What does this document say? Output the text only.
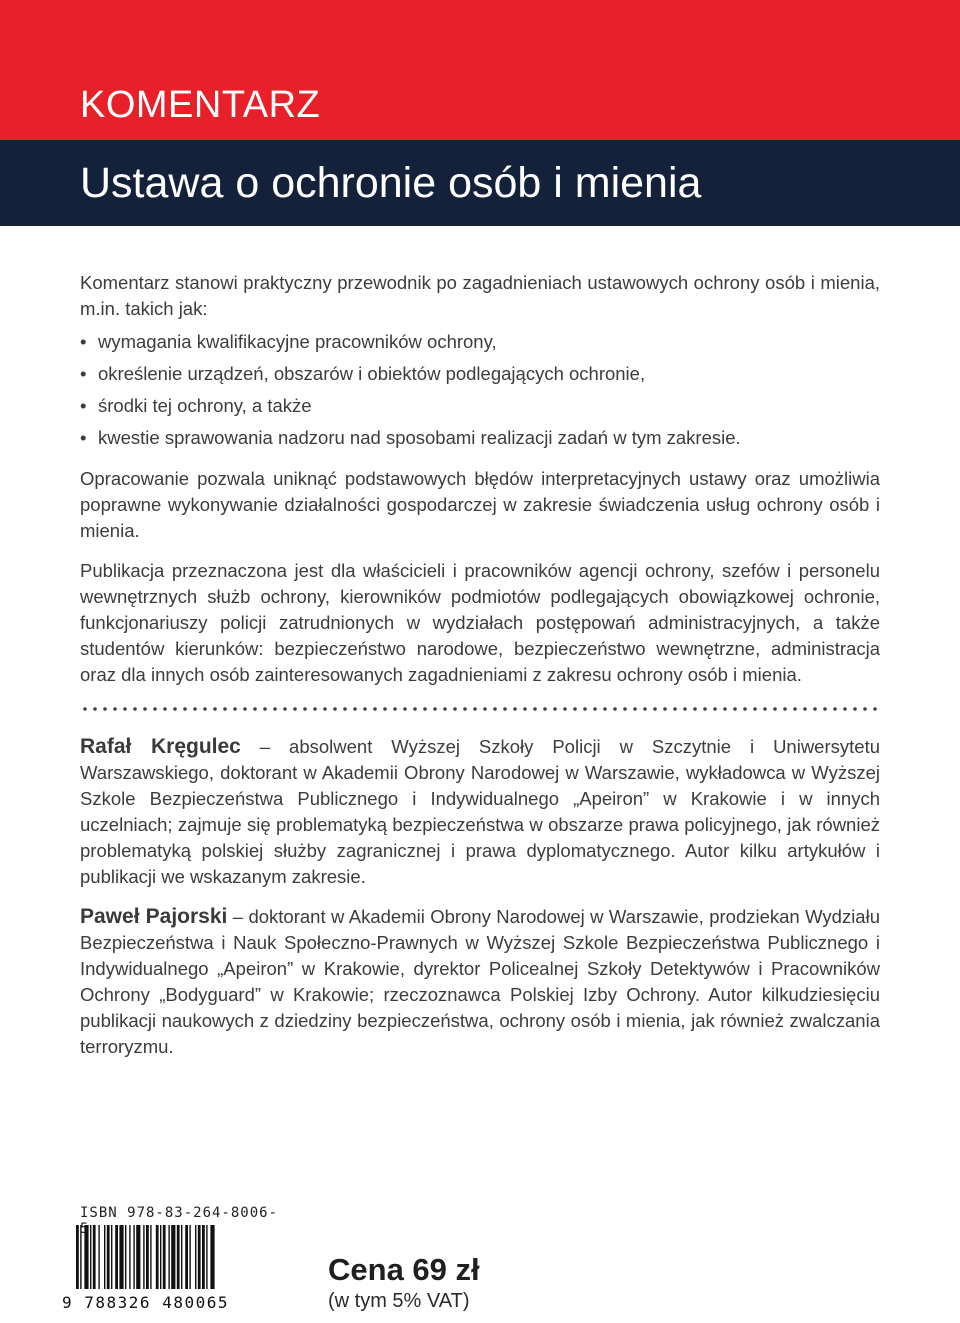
KOMENTARZ
Ustawa o ochronie osób i mienia

Komentarz stanowi praktyczny przewodnik po zagadnieniach ustawowych ochrony osób i mienia, m.in. takich jak:

• wymagania kwalifikacyjne pracowników ochrony,
• określenie urządzeń, obszarów i obiektów podlegających ochronie,
• środki tej ochrony, a także
• kwestie sprawowania nadzoru nad sposobami realizacji zadań w tym zakresie.

Opracowanie pozwala uniknąć podstawowych błędów interpretacyjnych ustawy oraz umożliwia poprawne wykonywanie działalności gospodarczej w zakresie świadczenia usług ochrony osób i mienia.

Publikacja przeznaczona jest dla właścicieli i pracowników agencji ochrony, szefów i personelu wewnętrznych służb ochrony, kierowników podmiotów podlegających obowiązkowej ochronie, funkcjonariuszy policji zatrudnionych w wydziałach postępowań administracyjnych, a także studentów kierunków: bezpieczeństwo narodowe, bezpieczeństwo wewnętrzne, administracja oraz dla innych osób zainteresowanych zagadnieniami z zakresu ochrony osób i mienia.

Rafał Kręgulec – absolwent Wyższej Szkoły Policji w Szczytnie i Uniwersytetu Warszawskiego, doktorant w Akademii Obrony Narodowej w Warszawie, wykładowca w Wyższej Szkole Bezpieczeństwa Publicznego i Indywidualnego „Apeiron” w Krakowie i w innych uczelniach; zajmuje się problematyką bezpieczeństwa w obszarze prawa policyjnego, jak również problematyką polskiej służby zagranicznej i prawa dyplomatycznego. Autor kilku artykułów i publikacji we wskazanym zakresie.

Paweł Pajorski – doktorant w Akademii Obrony Narodowej w Warszawie, prodziekan Wydziału Bezpieczeństwa i Nauk Społeczno-Prawnych w Wyższej Szkole Bezpieczeństwa Publicznego i Indywidualnego „Apeiron” w Krakowie, dyrektor Policealnej Szkoły Detektywów i Pracowników Ochrony „Bodyguard” w Krakowie; rzeczoznawca Polskiej Izby Ochrony. Autor kilkudziesięciu publikacji naukowych z dziedziny bezpieczeństwa, ochrony osób i mienia, jak również zwalczania terroryzmu.

ISBN 978-83-264-8006-
9 788326 480065
Cena 69 zł
(w tym 5% VAT)
